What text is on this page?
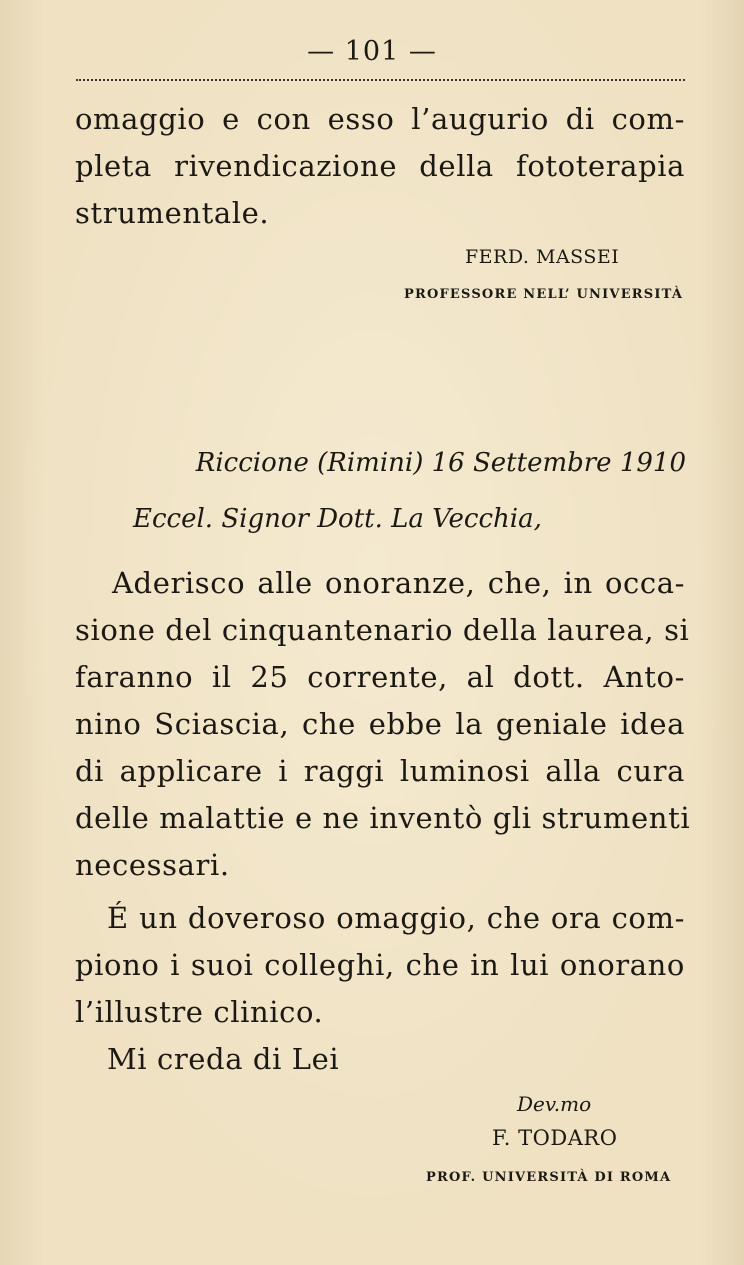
— 101 —
omaggio e con esso l’augurio di com-
pleta rivendicazione della fototerapia
strumentale.
FERD. MASSEI
PROFESSORE NELL’ UNIVERSITÀ
Riccione (Rimini) 16 Settembre 1910
Eccel. Signor Dott. La Vecchia,
Aderisco alle onoranze, che, in occa-
sione del cinquantenario della laurea, si
faranno il 25 corrente, al dott. Anto-
nino Sciascia, che ebbe la geniale idea
di applicare i raggi luminosi alla cura
delle malattie e ne inventò gli strumenti
necessari.
É un doveroso omaggio, che ora com-
piono i suoi colleghi, che in lui onorano
l’illustre clinico.
Mi creda di Lei
Dev.mo
F. TODARO
PROF. UNIVERSITÀ DI ROMA
